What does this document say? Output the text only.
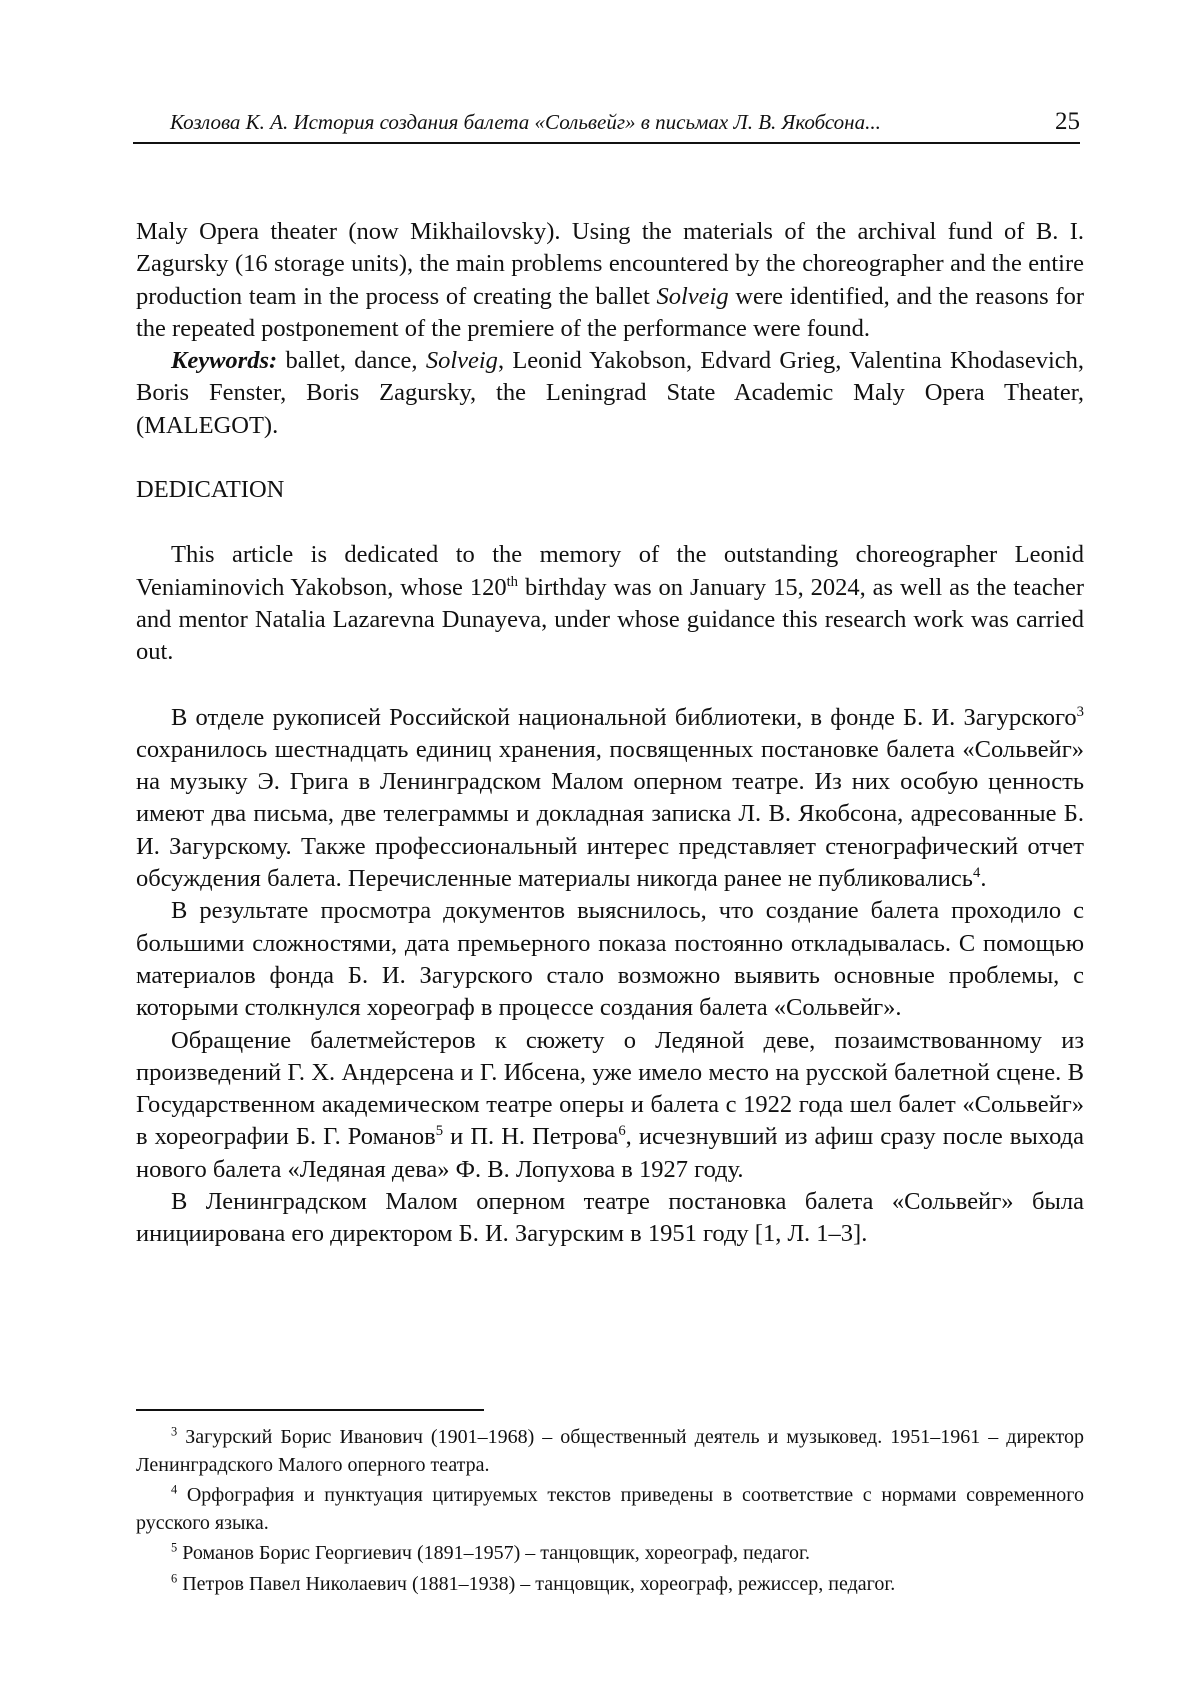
Козлова К. А. История создания балета «Сольвейг» в письмах Л. В. Якобсона...	25

Maly Opera theater (now Mikhailovsky). Using the materials of the archival fund of B. I. Zagursky (16 storage units), the main problems encountered by the choreographer and the entire production team in the process of creating the ballet Solveig were identified, and the reasons for the repeated postponement of the premiere of the performance were found.

Keywords: ballet, dance, Solveig, Leonid Yakobson, Edvard Grieg, Valentina Khodasevich, Boris Fenster, Boris Zagursky, the Leningrad State Academic Maly Opera Theater, (MALEGOT).

DEDICATION

This article is dedicated to the memory of the outstanding choreographer Leonid Veniaminovich Yakobson, whose 120th birthday was on January 15, 2024, as well as the teacher and mentor Natalia Lazarevna Dunayeva, under whose guidance this research work was carried out.

В отделе рукописей Российской национальной библиотеки, в фонде Б. И. Загурского$^3$ сохранилось шестнадцать единиц хранения, посвященных постановке балета «Сольвейг» на музыку Э. Грига в Ленинградском Малом оперном театре. Из них особую ценность имеют два письма, две телеграммы и докладная записка Л. В. Якобсона, адресованные Б. И. Загурскому. Также профессиональный интерес представляет стенографический отчет обсуждения балета. Перечисленные материалы никогда ранее не публиковались$^4$.

В результате просмотра документов выяснилось, что создание балета проходило с большими сложностями, дата премьерного показа постоянно откладывалась. С помощью материалов фонда Б. И. Загурского стало возможно выявить основные проблемы, с которыми столкнулся хореограф в процессе создания балета «Сольвейг».

Обращение балетмейстеров к сюжету о Ледяной деве, позаимствованному из произведений Г. Х. Андерсена и Г. Ибсена, уже имело место на русской балетной сцене. В Государственном академическом театре оперы и балета с 1922 года шел балет «Сольвейг» в хореографии Б. Г. Романов$^5$ и П. Н. Петрова$^6$, исчезнувший из афиш сразу после выхода нового балета «Ледяная дева» Ф. В. Лопухова в 1927 году.

В Ленинградском Малом оперном театре постановка балета «Сольвейг» была инициирована его директором Б. И. Загурским в 1951 году [1, Л. 1–3].

$^3$ Загурский Борис Иванович (1901–1968) – общественный деятель и музыковед. 1951–1961 – директор Ленинградского Малого оперного театра.

$^4$ Орфография и пунктуация цитируемых текстов приведены в соответствие с нормами современного русского языка.

$^5$ Романов Борис Георгиевич (1891–1957) – танцовщик, хореограф, педагог.

$^6$ Петров Павел Николаевич (1881–1938) – танцовщик, хореограф, режиссер, педагог.
